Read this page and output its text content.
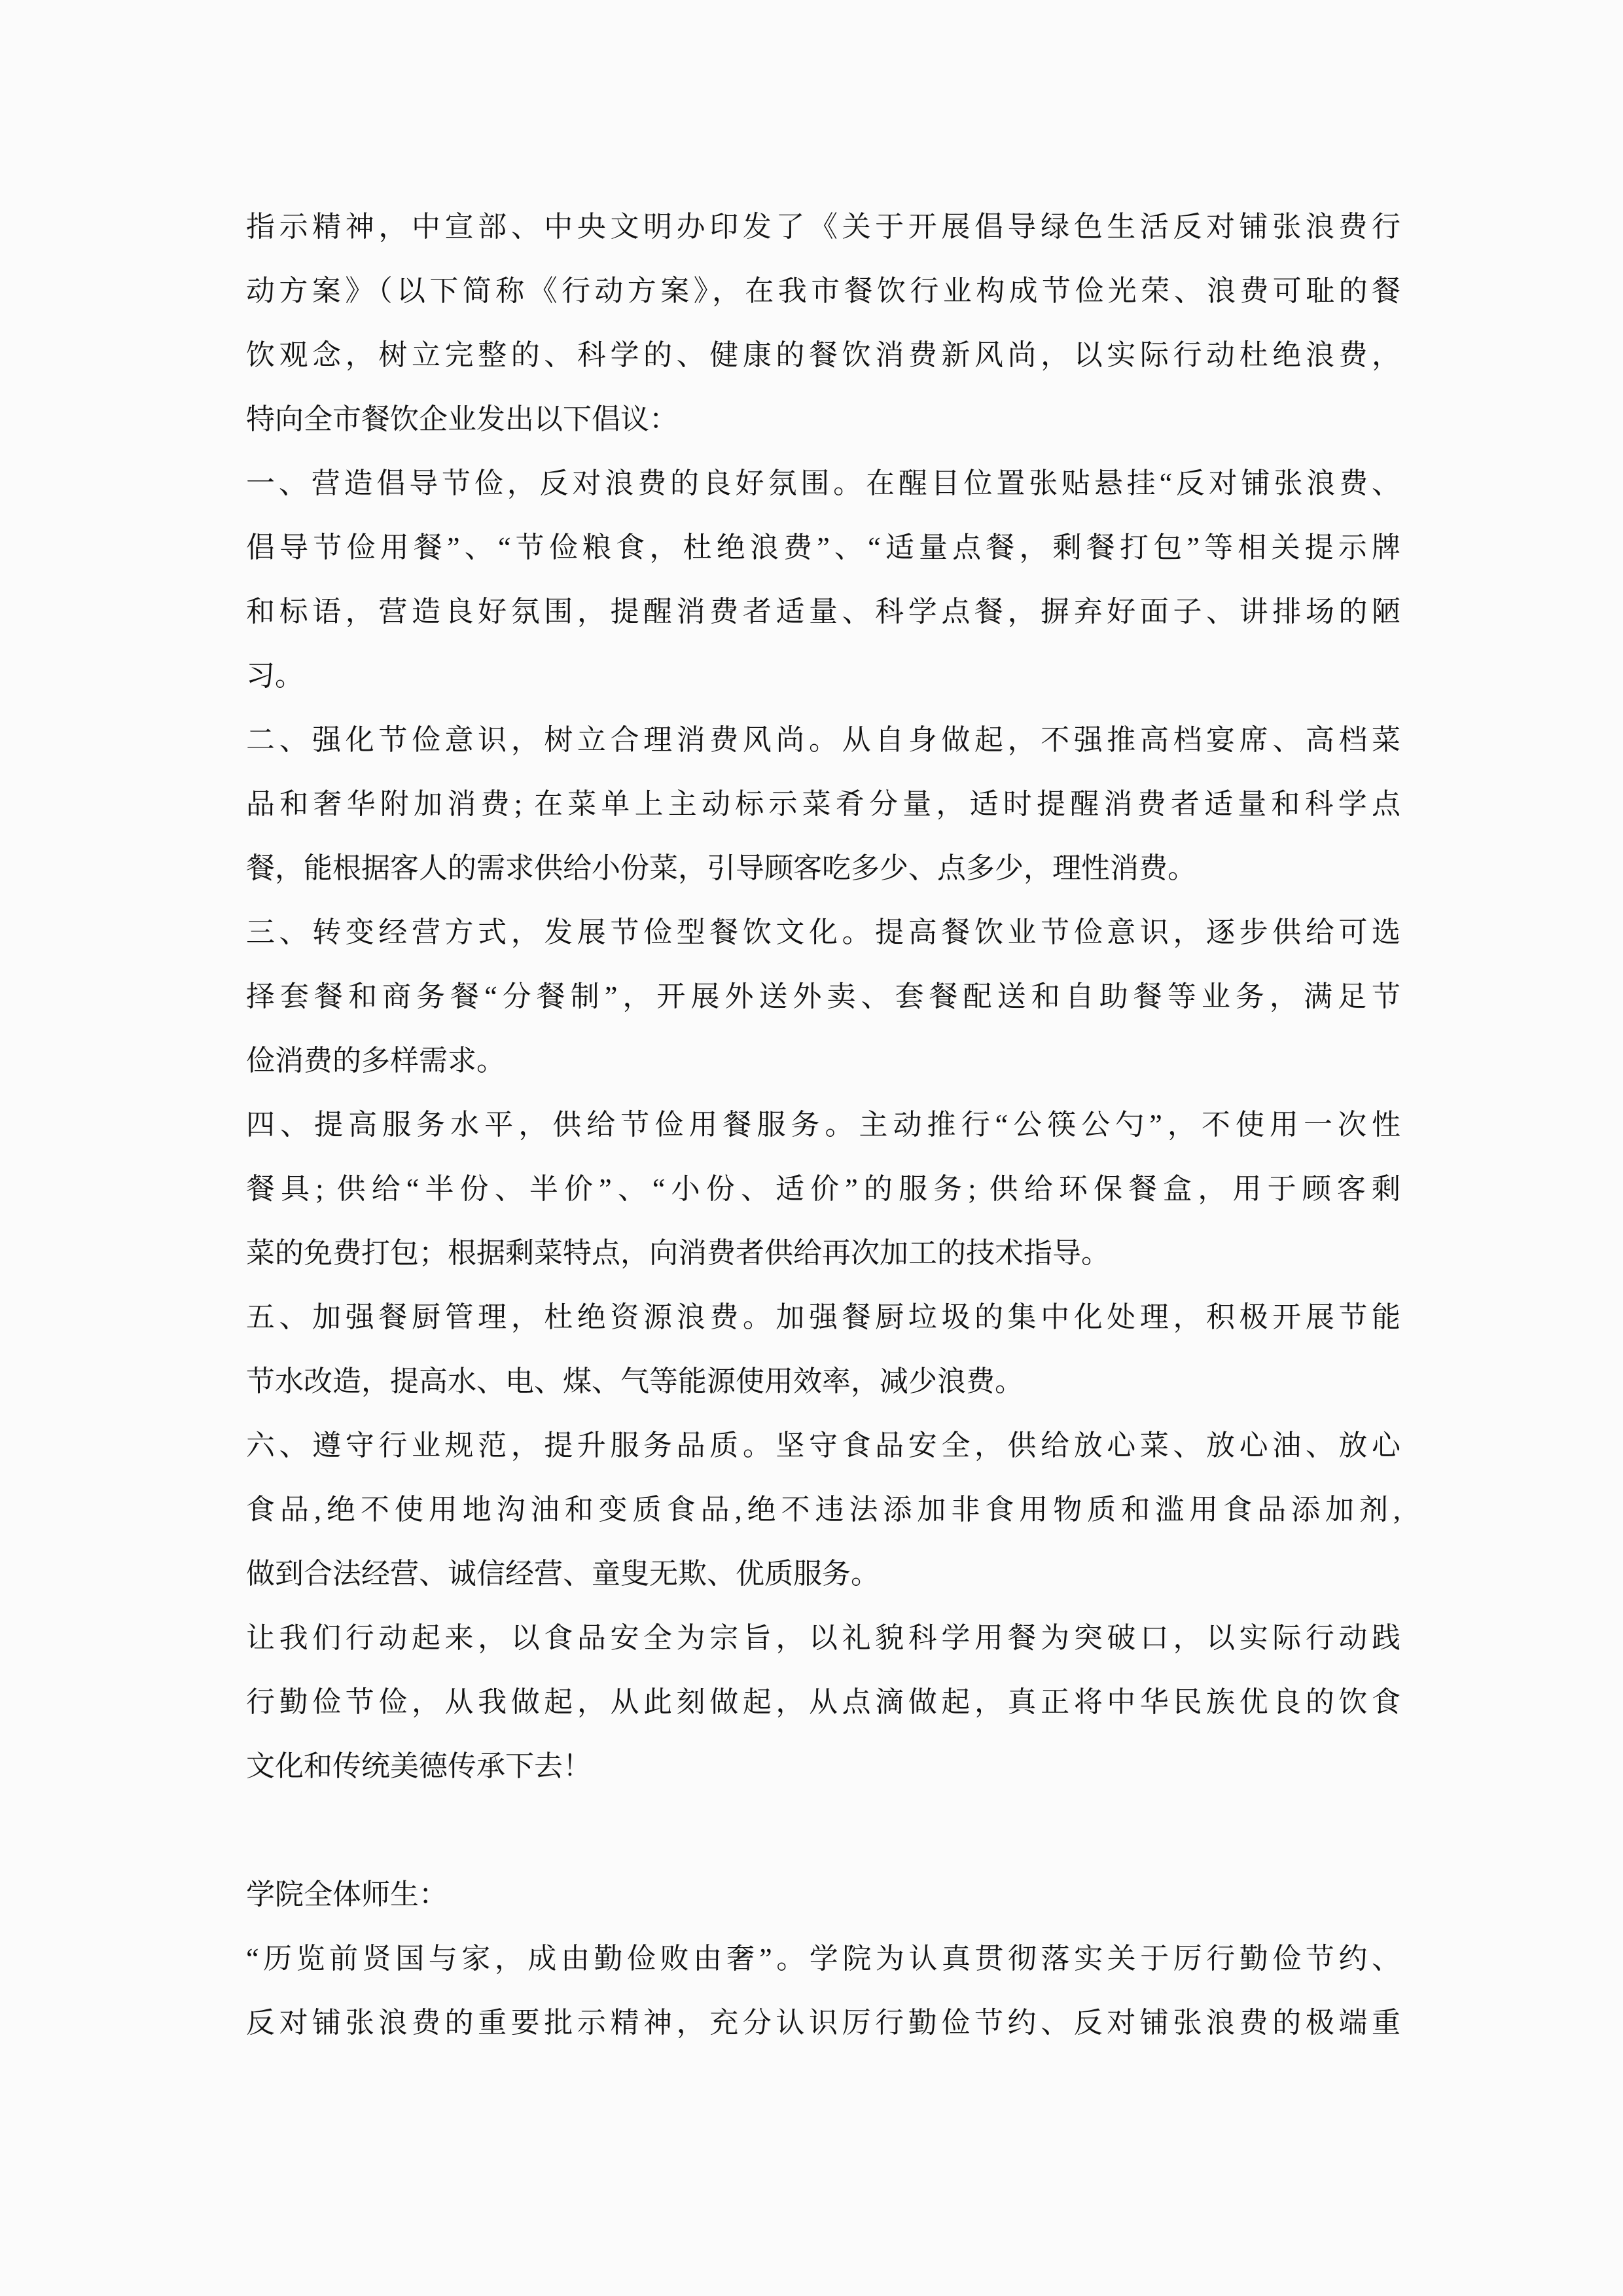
指示精神，中宣部、中央文明办印发了《关于开展倡导绿色生活反对铺张浪费行
动方案》（以下简称《行动方案》，在我市餐饮行业构成节俭光荣、浪费可耻的餐
饮观念，树立完整的、科学的、健康的餐饮消费新风尚，以实际行动杜绝浪费，
特向全市餐饮企业发出以下倡议：
一、营造倡导节俭，反对浪费的良好氛围。在醒目位置张贴悬挂“反对铺张浪费、
倡导节俭用餐”、“节俭粮食，杜绝浪费”、“适量点餐，剩餐打包”等相关提示牌
和标语，营造良好氛围，提醒消费者适量、科学点餐，摒弃好面子、讲排场的陋
习。
二、强化节俭意识，树立合理消费风尚。从自身做起，不强推高档宴席、高档菜
品和奢华附加消费; 在菜单上主动标示菜肴分量，适时提醒消费者适量和科学点
餐，能根据客人的需求供给小份菜，引导顾客吃多少、点多少，理性消费。
三、转变经营方式，发展节俭型餐饮文化。提高餐饮业节俭意识，逐步供给可选
择套餐和商务餐“分餐制”，开展外送外卖、套餐配送和自助餐等业务，满足节
俭消费的多样需求。
四、提高服务水平，供给节俭用餐服务。主动推行“公筷公勺”，不使用一次性
餐具; 供给“半份、半价”、“小份、适价”的服务; 供给环保餐盒，用于顾客剩
菜的免费打包；根据剩菜特点，向消费者供给再次加工的技术指导。
五、加强餐厨管理，杜绝资源浪费。加强餐厨垃圾的集中化处理，积极开展节能
节水改造，提高水、电、煤、气等能源使用效率，减少浪费。
六、遵守行业规范，提升服务品质。坚守食品安全，供给放心菜、放心油、放心
食品,绝不使用地沟油和变质食品,绝不违法添加非食用物质和滥用食品添加剂,
做到合法经营、诚信经营、童叟无欺、优质服务。
让我们行动起来，以食品安全为宗旨，以礼貌科学用餐为突破口，以实际行动践
行勤俭节俭，从我做起，从此刻做起，从点滴做起，真正将中华民族优良的饮食
文化和传统美德传承下去！
学院全体师生：
“历览前贤国与家，成由勤俭败由奢”。学院为认真贯彻落实关于厉行勤俭节约、
反对铺张浪费的重要批示精神，充分认识厉行勤俭节约、反对铺张浪费的极端重
